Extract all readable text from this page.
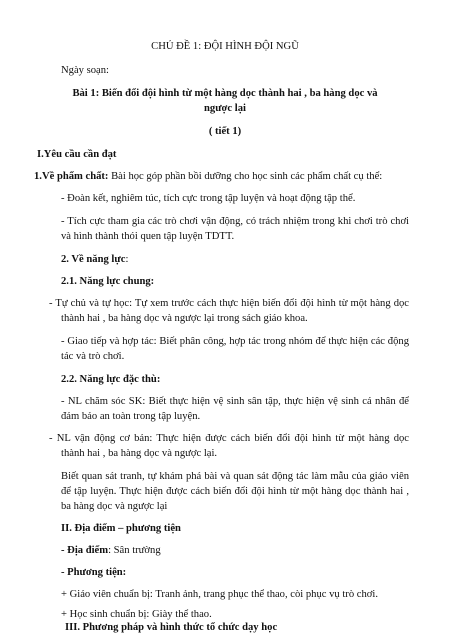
CHỦ ĐỀ 1: ĐỘI HÌNH ĐỘI NGŨ
Ngày soạn:
Bài 1: Biến đổi đội hình từ một hàng dọc thành hai , ba hàng dọc và
ngược lại
( tiết 1)
I.Yêu cầu cần đạt
1.Về phẩm chất: Bài học góp phần bồi dưỡng cho học sinh các phẩm chất cụ thể:
- Đoàn kết, nghiêm túc, tích cực trong tập luyện và hoạt động tập thể.
- Tích cực tham gia các trò chơi vận động, có trách nhiệm trong khi chơi trò chơi
và hình thành thói quen tập luyện TDTT.
2. Về năng lực:
2.1. Năng lực chung:
- Tự chủ và tự học: Tự xem trước cách thực hiện biến đổi đội hình từ một hàng dọc
thành hai , ba hàng dọc và ngược lại trong sách giáo khoa.
- Giao tiếp và hợp tác: Biết phân công, hợp tác trong nhóm để thực hiện các động
tác và trò chơi.
2.2. Năng lực đặc thù:
- NL chăm sóc SK: Biết thực hiện vệ sinh sân tập, thực hiện vệ sinh cá nhân để
đảm bảo an toàn trong tập luyện.
- NL vận động cơ bản: Thực hiện được cách biến đổi đội hình từ một hàng dọc
thành hai , ba hàng dọc và ngược lại.
Biết quan sát tranh, tự khám phá bài và quan sát động tác làm mẫu của giáo viên
để tập luyện. Thực hiện được cách biến đổi đội hình từ một hàng dọc thành hai ,
ba hàng dọc và ngược lại
II. Địa điểm – phương tiện
- Địa điểm: Sân trường
- Phương tiện:
+ Giáo viên chuẩn bị: Tranh ảnh, trang phục thể thao, còi phục vụ trò chơi.
+ Học sinh chuẩn bị: Giày thể thao.
III. Phương pháp và hình thức tổ chức dạy học
